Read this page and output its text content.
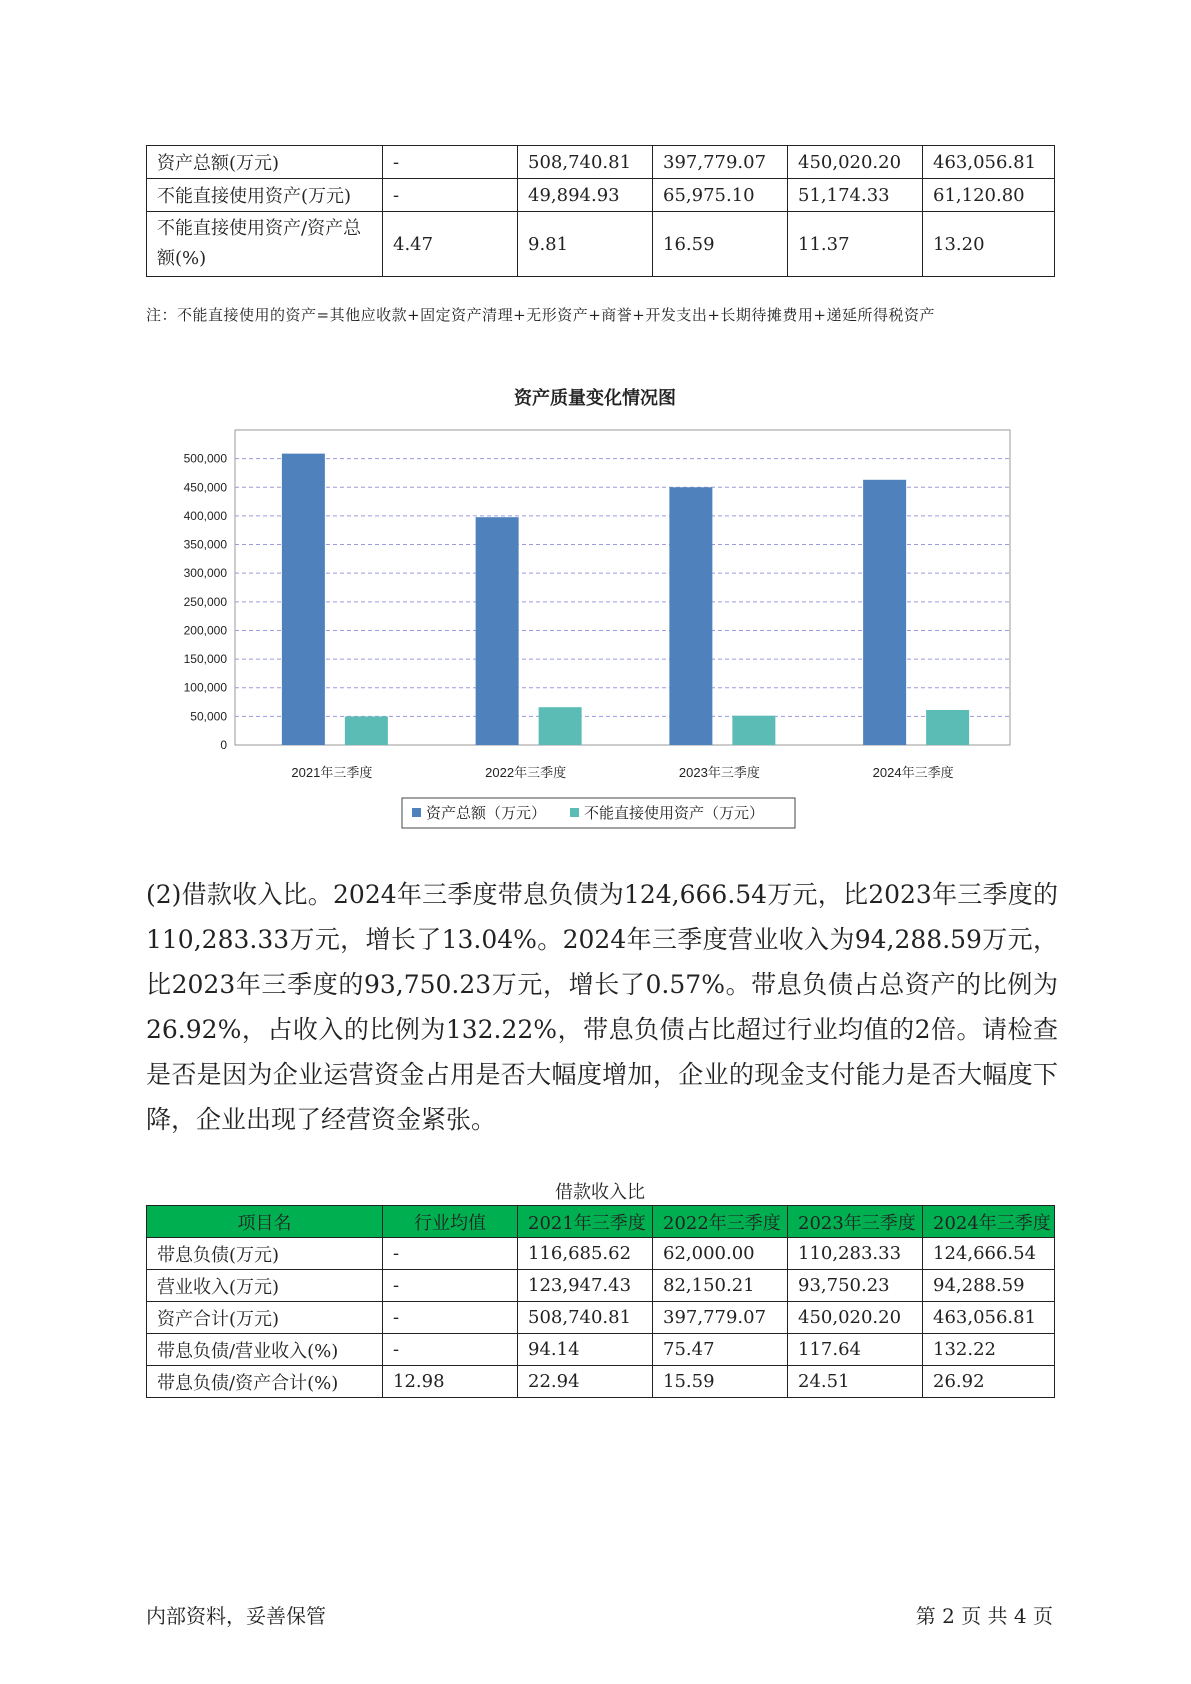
资产总额(万元)	-	508,740.81	397,779.07	450,020.20	463,056.81
不能直接使用资产(万元)	-	49,894.93	65,975.10	51,174.33	61,120.80
不能直接使用资产/资产总额(%)	4.47	9.81	16.59	11.37	13.20
注：不能直接使用的资产=其他应收款+固定资产清理+无形资产+商誉+开发支出+长期待摊费用+递延所得税资产
资产质量变化情况图
0
50,000
100,000
150,000
200,000
250,000
300,000
350,000
400,000
450,000
500,000
2021年三季度	2022年三季度	2023年三季度	2024年三季度
资产总额（万元）	不能直接使用资产（万元）

(2)借款收入比。2024年三季度带息负债为124,666.54万元，比2023年三季度的110,283.33万元，增长了13.04%。2024年三季度营业收入为94,288.59万元，比2023年三季度的93,750.23万元，增长了0.57%。带息负债占总资产的比例为26.92%，占收入的比例为132.22%，带息负债占比超过行业均值的2倍。请检查是否是因为企业运营资金占用是否大幅度增加，企业的现金支付能力是否大幅度下降，企业出现了经营资金紧张。

借款收入比
项目名	行业均值	2021年三季度	2022年三季度	2023年三季度	2024年三季度
带息负债(万元)	-	116,685.62	62,000.00	110,283.33	124,666.54
营业收入(万元)	-	123,947.43	82,150.21	93,750.23	94,288.59
资产合计(万元)	-	508,740.81	397,779.07	450,020.20	463,056.81
带息负债/营业收入(%)	-	94.14	75.47	117.64	132.22
带息负债/资产合计(%)	12.98	22.94	15.59	24.51	26.92
内部资料，妥善保管	第 2 页 共 4 页
